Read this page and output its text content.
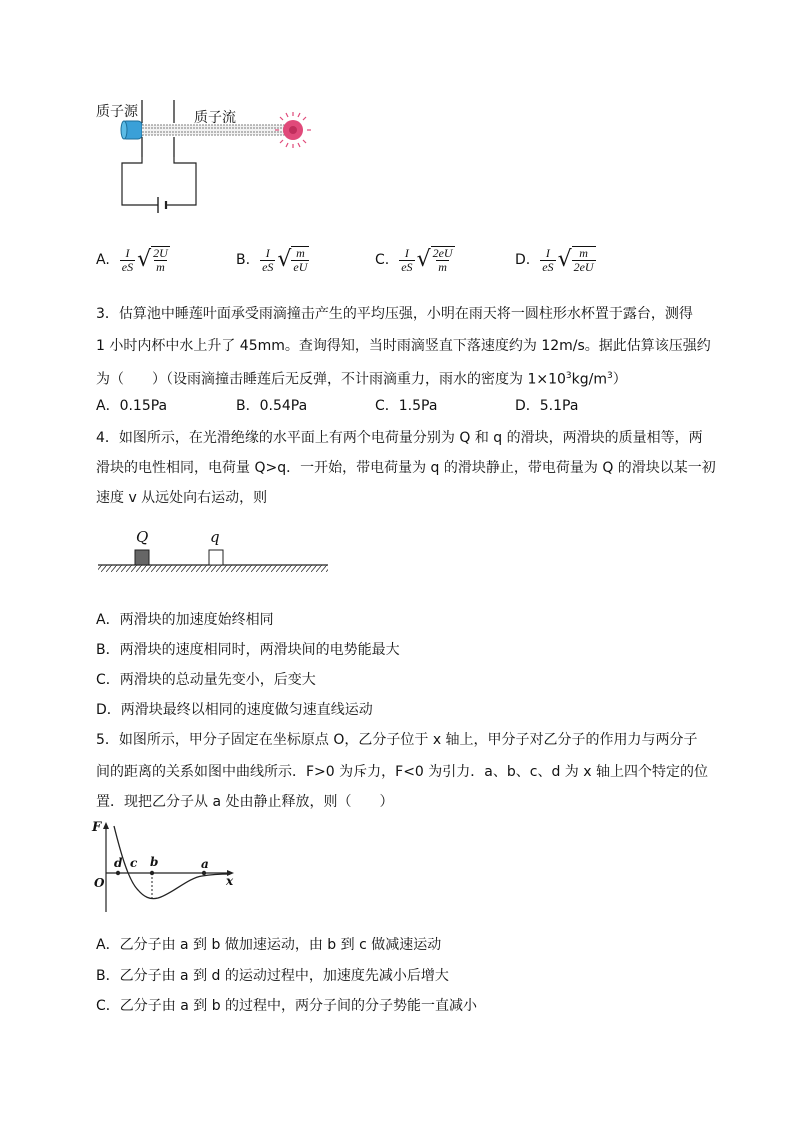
质子源	质子流
A. $\frac{I}{eS}$ √ $\frac{2U}{m}$	B. $\frac{I}{eS}$ √ $\frac{m}{eU}$	C. $\frac{I}{eS}$ √ $\frac{2eU}{m}$	D. $\frac{I}{eS}$ √ $\frac{m}{2eU}$
3．估算池中睡莲叶面承受雨滴撞击产生的平均压强，小明在雨天将一圆柱形水杯置于露台，测得
1 小时内杯中水上升了 45mm。查询得知，当时雨滴竖直下落速度约为 12m/s。据此估算该压强约
为（　　）（设雨滴撞击睡莲后无反弹，不计雨滴重力，雨水的密度为 $1\times 10^3kg/m^3$）
A．0.15Pa	B．0.54Pa	C．1.5Pa	D．5.1Pa
4．如图所示，在光滑绝缘的水平面上有两个电荷量分别为 Q 和 q 的滑块，两滑块的质量相等，两
滑块的电性相同，电荷量 Q>q．一开始，带电荷量为 q 的滑块静止，带电荷量为 Q 的滑块以某一初
速度 v 从远处向右运动，则
Q	q
A．两滑块的加速度始终相同
B．两滑块的速度相同时，两滑块间的电势能最大
C．两滑块的总动量先变小，后变大
D．两滑块最终以相同的速度做匀速直线运动
5．如图所示，甲分子固定在坐标原点 O，乙分子位于 x 轴上，甲分子对乙分子的作用力与两分子
间的距离的关系如图中曲线所示．F>0 为斥力，F<0 为引力．a、b、c、d 为 x 轴上四个特定的位
置．现把乙分子从 a 处由静止释放，则（　　）
F
O	x
d c b	a
A．乙分子由 a 到 b 做加速运动，由 b 到 c 做减速运动
B．乙分子由 a 到 d 的运动过程中，加速度先减小后增大
C．乙分子由 a 到 b 的过程中，两分子间的分子势能一直减小
